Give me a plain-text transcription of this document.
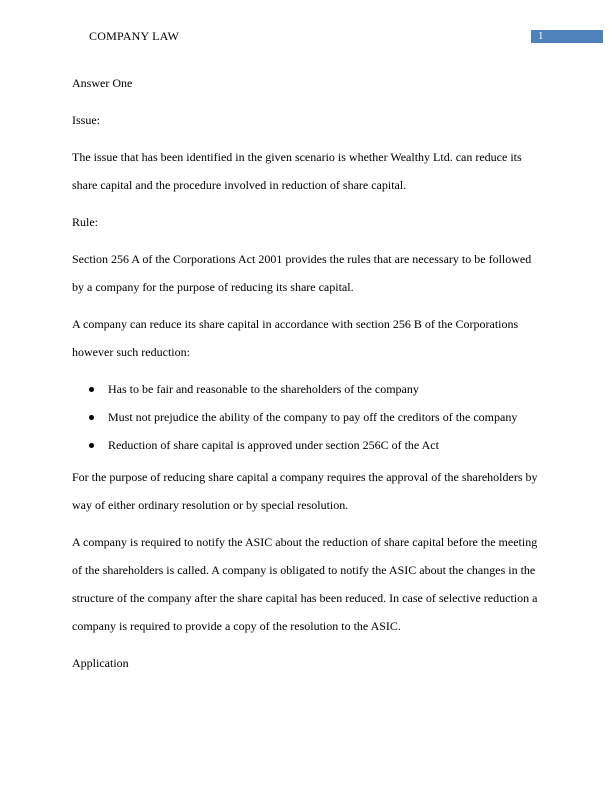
COMPANY LAW	1

Answer One

Issue:

The issue that has been identified in the given scenario is whether Wealthy Ltd. can reduce its share capital and the procedure involved in reduction of share capital.

Rule:

Section 256 A of the Corporations Act 2001 provides the rules that are necessary to be followed by a company for the purpose of reducing its share capital.

A company can reduce its share capital in accordance with section 256 B of the Corporations however such reduction:

Has to be fair and reasonable to the shareholders of the company
Must not prejudice the ability of the company to pay off the creditors of the company
Reduction of share capital is approved under section 256C of the Act

For the purpose of reducing share capital a company requires the approval of the shareholders by way of either ordinary resolution or by special resolution.

A company is required to notify the ASIC about the reduction of share capital before the meeting of the shareholders is called. A company is obligated to notify the ASIC about the changes in the structure of the company after the share capital has been reduced. In case of selective reduction a company is required to provide a copy of the resolution to the ASIC.

Application
